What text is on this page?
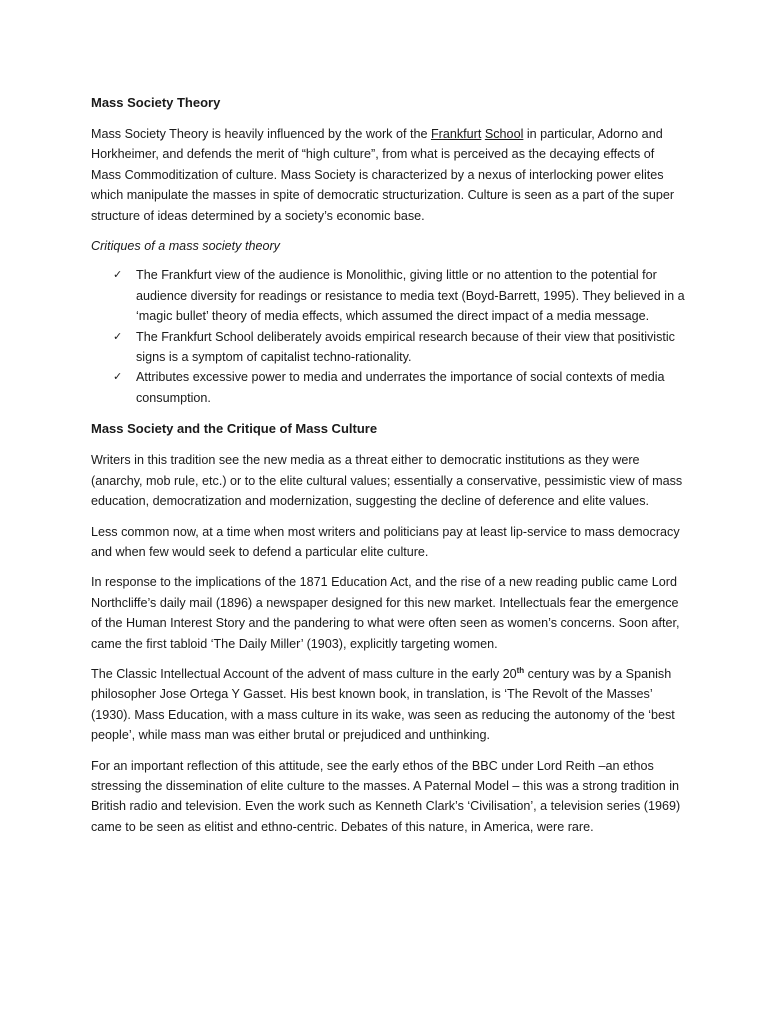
Mass Society Theory

Mass Society Theory is heavily influenced by the work of the Frankfurt School in particular, Adorno and Horkheimer, and defends the merit of “high culture”, from what is perceived as the decaying effects of Mass Commoditization of culture. Mass Society is characterized by a nexus of interlocking power elites which manipulate the masses in spite of democratic structurization. Culture is seen as a part of the super structure of ideas determined by a society’s economic base.

Critiques of a mass society theory

✓ The Frankfurt view of the audience is Monolithic, giving little or no attention to the potential for audience diversity for readings or resistance to media text (Boyd-Barrett, 1995). They believed in a ‘magic bullet’ theory of media effects, which assumed the direct impact of a media message.
✓ The Frankfurt School deliberately avoids empirical research because of their view that positivistic signs is a symptom of capitalist techno-rationality.
✓ Attributes excessive power to media and underrates the importance of social contexts of media consumption.
Mass Society and the Critique of Mass Culture

Writers in this tradition see the new media as a threat either to democratic institutions as they were (anarchy, mob rule, etc.) or to the elite cultural values; essentially a conservative, pessimistic view of mass education, democratization and modernization, suggesting the decline of deference and elite values.

Less common now, at a time when most writers and politicians pay at least lip-service to mass democracy and when few would seek to defend a particular elite culture.

In response to the implications of the 1871 Education Act, and the rise of a new reading public came Lord Northcliffe’s daily mail (1896) a newspaper designed for this new market. Intellectuals fear the emergence of the Human Interest Story and the pandering to what were often seen as women’s concerns. Soon after, came the first tabloid ‘The Daily Miller’ (1903), explicitly targeting women.

The Classic Intellectual Account of the advent of mass culture in the early 20th century was by a Spanish philosopher Jose Ortega Y Gasset. His best known book, in translation, is ‘The Revolt of the Masses’ (1930). Mass Education, with a mass culture in its wake, was seen as reducing the autonomy of the ‘best people’, while mass man was either brutal or prejudiced and unthinking.

For an important reflection of this attitude, see the early ethos of the BBC under Lord Reith –an ethos stressing the dissemination of elite culture to the masses. A Paternal Model – this was a strong tradition in British radio and television. Even the work such as Kenneth Clark’s ‘Civilisation’, a television series (1969) came to be seen as elitist and ethno-centric. Debates of this nature, in America, were rare.
